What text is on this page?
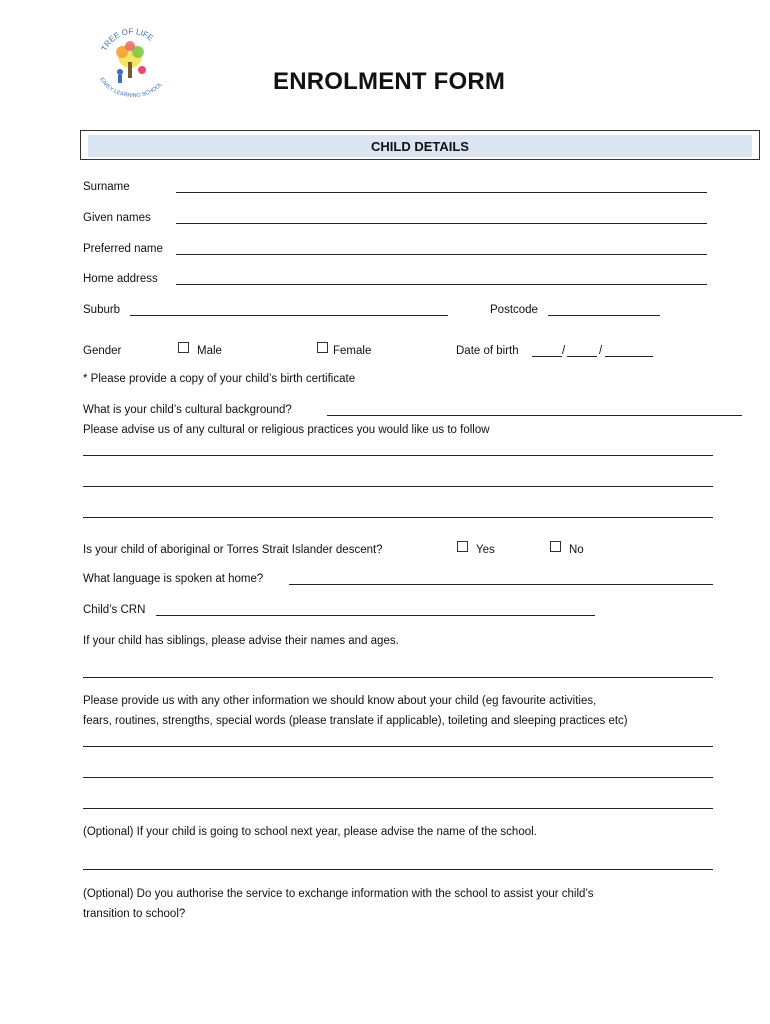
TREE OF LIFE
EARLY LEARNING SCHOOL	ENROLMENT FORM
CHILD DETAILS
Surname
Given names
Preferred name
Home address
Suburb	Postcode
Gender	Male	Female	Date of birth	/	/
* Please provide a copy of your child’s birth certificate
What is your child’s cultural background?
Please advise us of any cultural or religious practices you would like us to follow
Is your child of aboriginal or Torres Strait Islander descent?	Yes	No
What language is spoken at home?
Child’s CRN
If your child has siblings, please advise their names and ages.
Please provide us with any other information we should know about your child (eg favourite activities,
fears, routines, strengths, special words (please translate if applicable), toileting and sleeping practices etc)
(Optional) If your child is going to school next year, please advise the name of the school.
(Optional) Do you authorise the service to exchange information with the school to assist your child’s
transition to school?
